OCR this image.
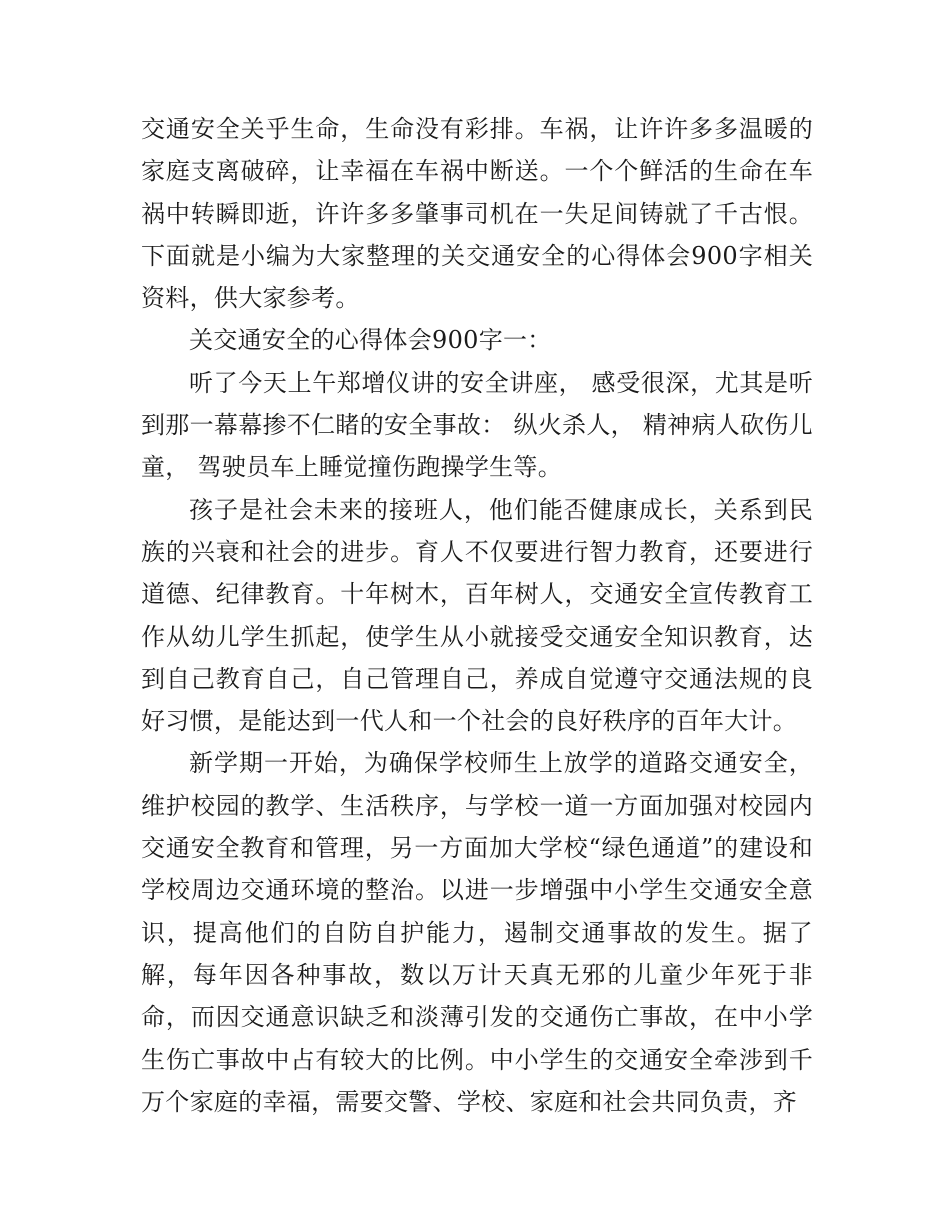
交通安全关乎生命，生命没有彩排。车祸，让许许多多温暖的家庭支离破碎，让幸福在车祸中断送。一个个鲜活的生命在车祸中转瞬即逝，许许多多肇事司机在一失足间铸就了千古恨。下面就是小编为大家整理的关交通安全的心得体会900字相关资料，供大家参考。

关交通安全的心得体会900字一：

听了今天上午郑增仪讲的安全讲座， 感受很深，尤其是听到那一幕幕掺不仁睹的安全事故： 纵火杀人， 精神病人砍伤儿童， 驾驶员车上睡觉撞伤跑操学生等。

孩子是社会未来的接班人，他们能否健康成长，关系到民族的兴衰和社会的进步。育人不仅要进行智力教育，还要进行道德、纪律教育。十年树木，百年树人，交通安全宣传教育工作从幼儿学生抓起，使学生从小就接受交通安全知识教育，达到自己教育自己，自己管理自己，养成自觉遵守交通法规的良好习惯，是能达到一代人和一个社会的良好秩序的百年大计。

新学期一开始，为确保学校师生上放学的道路交通安全，维护校园的教学、生活秩序，与学校一道一方面加强对校园内交通安全教育和管理，另一方面加大学校“绿色通道”的建设和学校周边交通环境的整治。以进一步增强中小学生交通安全意识，提高他们的自防自护能力，遏制交通事故的发生。据了解，每年因各种事故，数以万计天真无邪的儿童少年死于非命，而因交通意识缺乏和淡薄引发的交通伤亡事故，在中小学生伤亡事故中占有较大的比例。中小学生的交通安全牵涉到千万个家庭的幸福，需要交警、学校、家庭和社会共同负责，齐
